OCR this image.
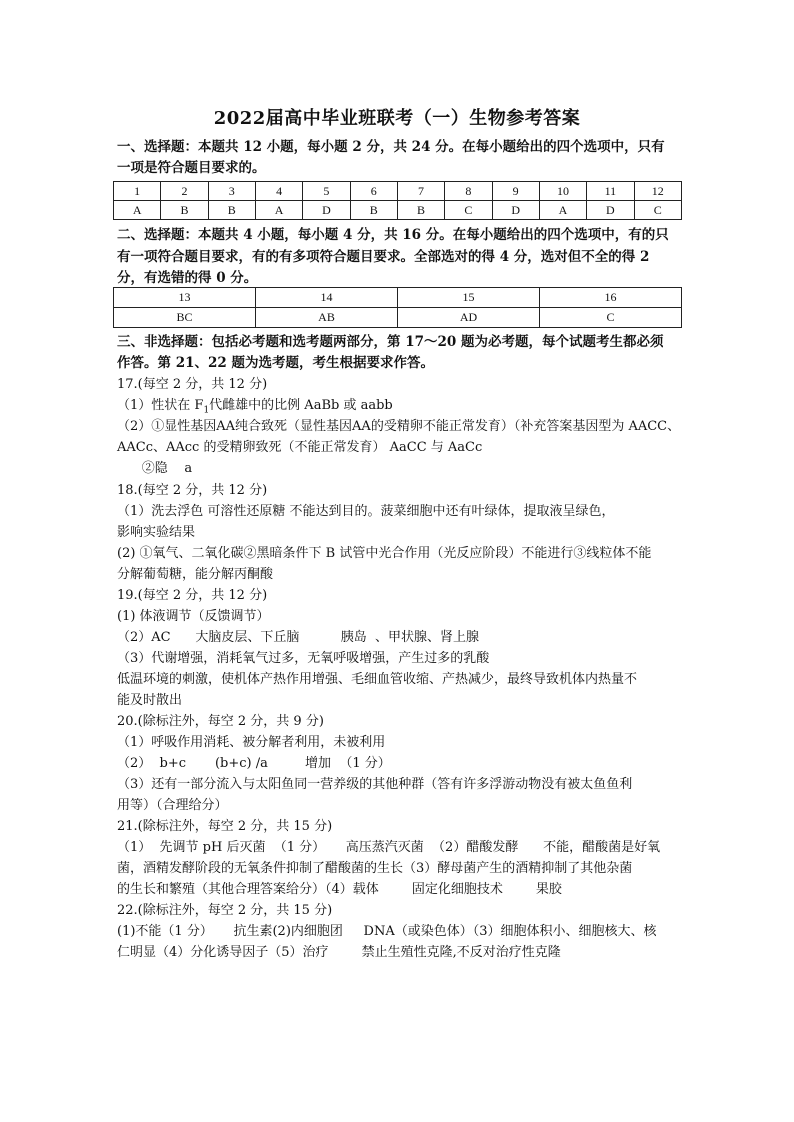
2022届高中毕业班联考（一）生物参考答案
一、选择题：本题共 12 小题，每小题 2 分，共 24 分。在每小题给出的四个选项中，只有
一项是符合题目要求的。
1	2	3	4	5	6	7	8	9	10	11	12
A	B	B	A	D	B	B	C	D	A	D	C
二、选择题：本题共 4 小题，每小题 4 分，共 16 分。在每小题给出的四个选项中，有的只
有一项符合题目要求，有的有多项符合题目要求。全部选对的得 4 分，选对但不全的得 2
分，有选错的得 0 分。
13	14	15	16
BC	AB	AD	C
三、非选择题：包括必考题和选考题两部分，第 17～20 题为必考题，每个试题考生都必须
作答。第 21、22 题为选考题，考生根据要求作答。
17.(每空 2 分，共 12 分)
（1）性状在 $F_1$代雌雄中的比例 AaBb 或 aabb
（2）①显性基因AA纯合致死（显性基因AA的受精卵不能正常发育）（补充答案基因型为 AACC、
AACc、AAcc 的受精卵致死（不能正常发育） AaCC 与 AaCc
②隐    a
18.(每空 2 分，共 12 分)
（1）洗去浮色 可溶性还原糖 不能达到目的。菠菜细胞中还有叶绿体，提取液呈绿色，
影响实验结果
(2) ①氧气、二氧化碳②黑暗条件下 B 试管中光合作用（光反应阶段）不能进行③线粒体不能
分解葡萄糖，能分解丙酮酸
19.(每空 2 分，共 12 分)
(1) 体液调节（反馈调节）
（2）AC      大脑皮层、下丘脑          胰岛  、甲状腺、肾上腺
（3）代谢增强，消耗氧气过多，无氧呼吸增强，产生过多的乳酸
低温环境的刺激，使机体产热作用增强、毛细血管收缩、产热减少，最终导致机体内热量不
能及时散出
20.(除标注外，每空 2 分，共 9 分)
（1）呼吸作用消耗、被分解者利用，未被利用
（2）  b+c       (b+c) /a         增加  （1 分）
（3）还有一部分流入与太阳鱼同一营养级的其他种群（答有许多浮游动物没有被太鱼鱼利
用等）（合理给分）
21.(除标注外，每空 2 分，共 15 分)
（1）  先调节 pH 后灭菌  （1 分）     高压蒸汽灭菌  （2）醋酸发酵      不能，醋酸菌是好氧
菌，酒精发酵阶段的无氧条件抑制了醋酸菌的生长（3）酵母菌产生的酒精抑制了其他杂菌
的生长和繁殖（其他合理答案给分）（4）载体        固定化细胞技术        果胶
22.(除标注外，每空 2 分，共 15 分)
(1)不能（1 分）     抗生素(2)内细胞团     DNA（或染色体）（3）细胞体积小、细胞核大、核
仁明显（4）分化诱导因子（5）治疗        禁止生殖性克隆,不反对治疗性克隆
